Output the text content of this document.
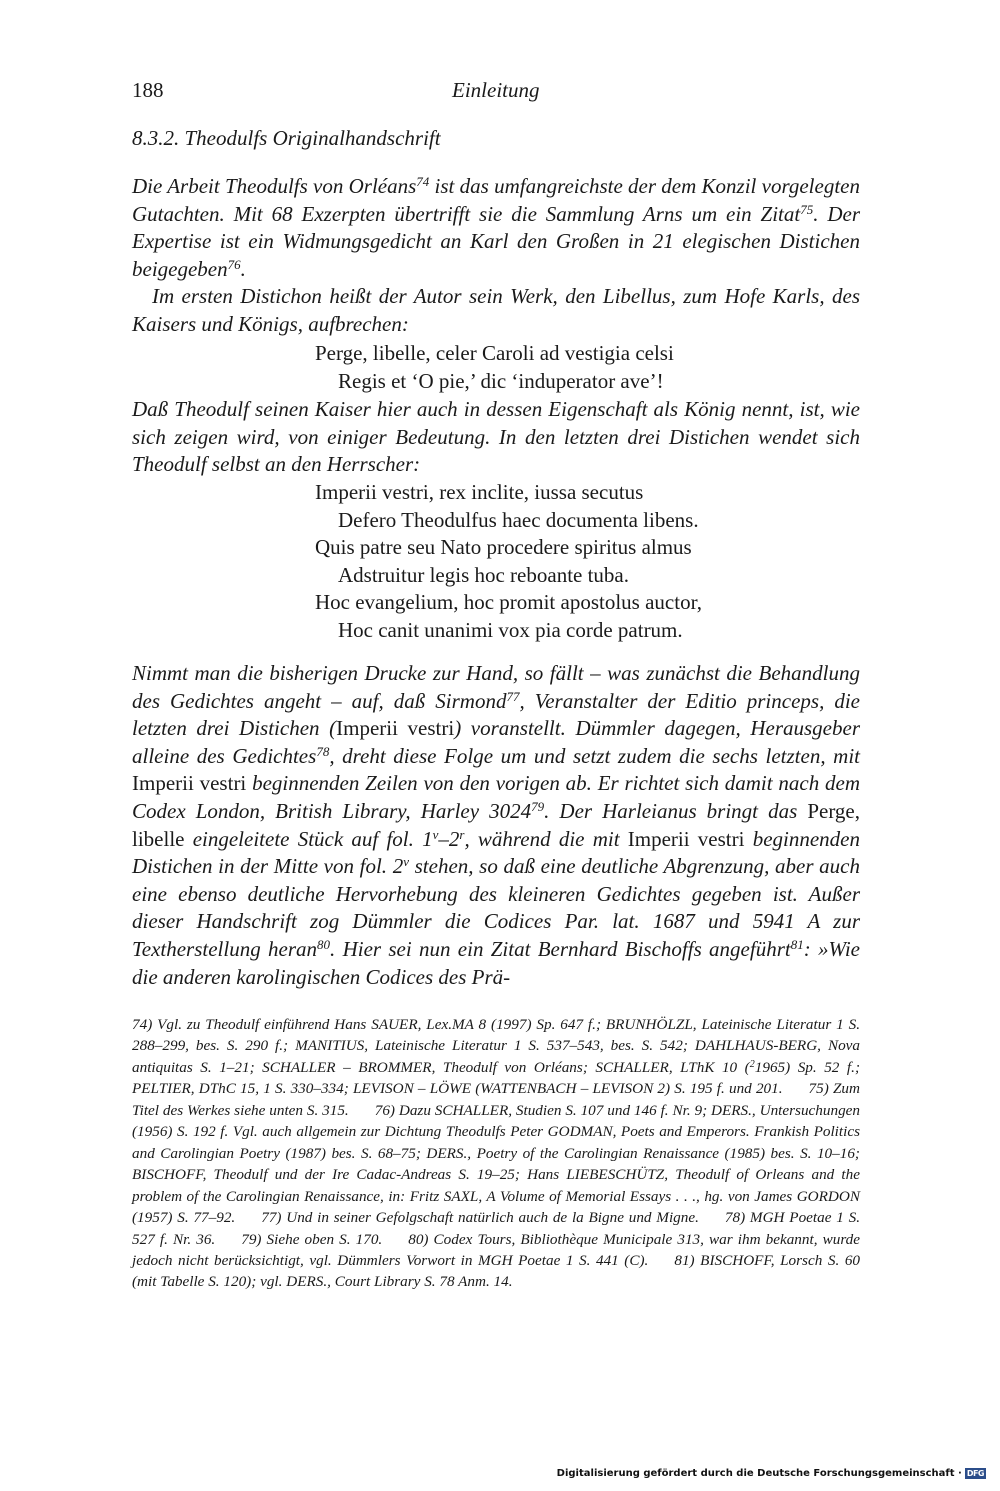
188	Einleitung
8.3.2. Theodulfs Originalhandschrift

Die Arbeit Theodulfs von Orléans$^{74}$ ist das umfangreichste der dem Konzil vorgelegten Gutachten. Mit 68 Exzerpten übertrifft sie die Sammlung Arns um ein Zitat$^{75}$. Der Expertise ist ein Widmungsgedicht an Karl den Großen in 21 elegischen Distichen beigegeben$^{76}$.

Im ersten Distichon heißt der Autor sein Werk, den Libellus, zum Hofe Karls, des Kaisers und Königs, aufbrechen:

Perge, libelle, celer Caroli ad vestigia celsi
Regis et ‘O pie,’ dic ‘induperator ave’!

Daß Theodulf seinen Kaiser hier auch in dessen Eigenschaft als König nennt, ist, wie sich zeigen wird, von einiger Bedeutung. In den letzten drei Distichen wendet sich Theodulf selbst an den Herrscher:

Imperii vestri, rex inclite, iussa secutus
Defero Theodulfus haec documenta libens.
Quis patre seu Nato procedere spiritus almus
Adstruitur legis hoc reboante tuba.
Hoc evangelium, hoc promit apostolus auctor,
Hoc canit unanimi vox pia corde patrum.

Nimmt man die bisherigen Drucke zur Hand, so fällt – was zunächst die Behandlung des Gedichtes angeht – auf, daß Sirmond$^{77}$, Veranstalter der Editio princeps, die letzten drei Distichen (Imperii vestri) voranstellt. Dümmler dagegen, Herausgeber alleine des Gedichtes$^{78}$, dreht diese Folge um und setzt zudem die sechs letzten, mit Imperii vestri beginnenden Zeilen von den vorigen ab. Er richtet sich damit nach dem Codex London, British Library, Harley 3024$^{79}$. Der Harleianus bringt das Perge, libelle eingeleitete Stück auf fol. 1$^v$–2$^r$, während die mit Imperii vestri beginnenden Distichen in der Mitte von fol. 2$^v$ stehen, so daß eine deutliche Abgrenzung, aber auch eine ebenso deutliche Hervorhebung des kleineren Gedichtes gegeben ist. Außer dieser Handschrift zog Dümmler die Codices Par. lat. 1687 und 5941 A zur Textherstellung heran$^{80}$. Hier sei nun ein Zitat Bernhard Bischoffs angeführt$^{81}$: »Wie die anderen karolingischen Codices des Prä-

74) Vgl. zu Theodulf einführend Hans SAUER, Lex.MA 8 (1997) Sp. 647 f.; BRUNHÖLZL, Lateinische Literatur 1 S. 288–299, bes. S. 290 f.; MANITIUS, Lateinische Literatur 1 S. 537–543, bes. S. 542; DAHLHAUS-BERG, Nova antiquitas S. 1–21; SCHALLER – BROMMER, Theodulf von Orléans; SCHALLER, LThK 10 ($^2$1965) Sp. 52 f.; PELTIER, DThC 15, 1 S. 330–334; LEVISON – LÖWE (WATTENBACH – LEVISON 2) S. 195 f. und 201. 75) Zum Titel des Werkes siehe unten S. 315. 76) Dazu SCHALLER, Studien S. 107 und 146 f. Nr. 9; DERS., Untersuchungen (1956) S. 192 f. Vgl. auch allgemein zur Dichtung Theodulfs Peter GODMAN, Poets and Emperors. Frankish Politics and Carolingian Poetry (1987) bes. S. 68–75; DERS., Poetry of the Carolingian Renaissance (1985) bes. S. 10–16; BISCHOFF, Theodulf und der Ire Cadac-Andreas S. 19–25; Hans LIEBESCHÜTZ, Theodulf of Orleans and the problem of the Carolingian Renaissance, in: Fritz SAXL, A Volume of Memorial Essays . . ., hg. von James GORDON (1957) S. 77–92. 77) Und in seiner Gefolgschaft natürlich auch de la Bigne und Migne. 78) MGH Poetae 1 S. 527 f. Nr. 36. 79) Siehe oben S. 170. 80) Codex Tours, Bibliothèque Municipale 313, war ihm bekannt, wurde jedoch nicht berücksichtigt, vgl. Dümmlers Vorwort in MGH Poetae 1 S. 441 (C). 81) BISCHOFF, Lorsch S. 60 (mit Tabelle S. 120); vgl. DERS., Court Library S. 78 Anm. 14.
Digitalisierung gefördert durch die Deutsche Forschungsgemeinschaft · DFG
